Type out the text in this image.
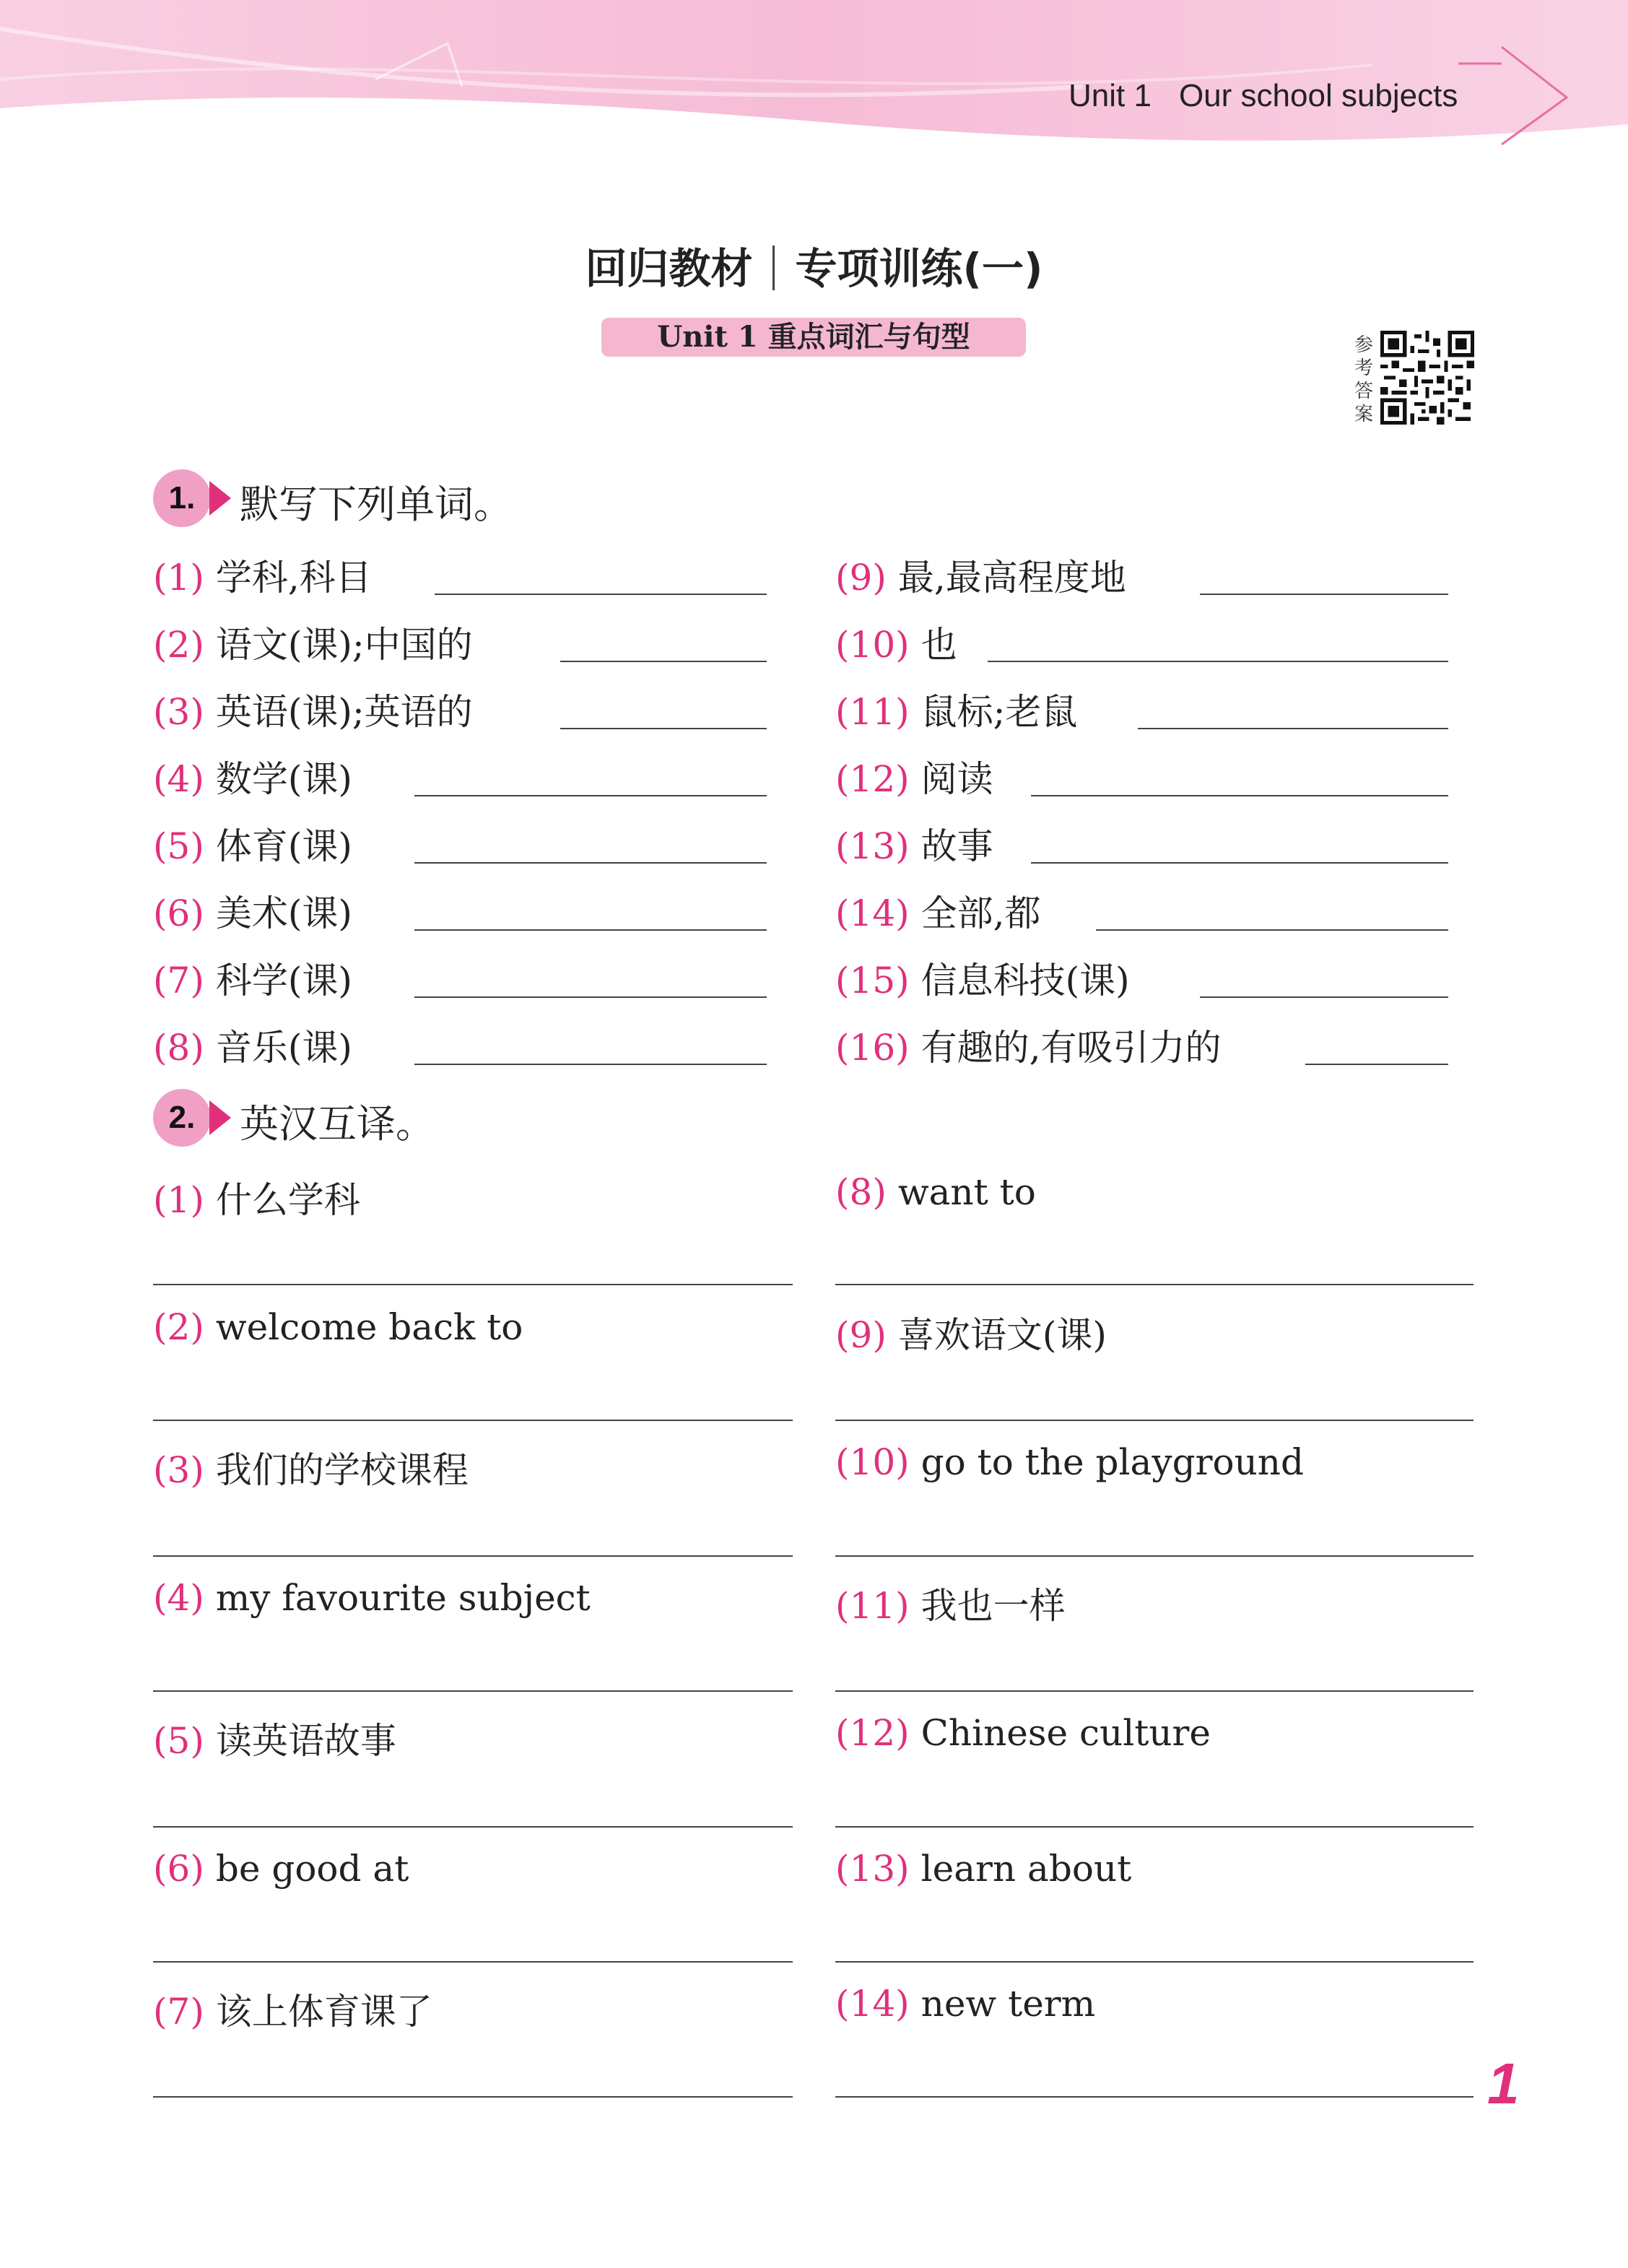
Unit 1 Our school subjects
回归教材 专项训练(一)
Unit 1 重点词汇与句型	参
考
答
案
1.	默写下列单词。
(1) 学科,科目
(2) 语文(课);中国的
(3) 英语(课);英语的
(4) 数学(课)
(5) 体育(课)
(6) 美术(课)
(7) 科学(课)
(8) 音乐(课)
(9) 最,最高程度地
(10) 也
(11) 鼠标;老鼠
(12) 阅读
(13) 故事
(14) 全部,都
(15) 信息科技(课)
(16) 有趣的,有吸引力的
2.	英汉互译。
(1) 什么学科
(2) welcome back to
(3) 我们的学校课程
(4) my favourite subject
(5) 读英语故事
(6) be good at
(7) 该上体育课了
(8) want to
(9) 喜欢语文(课)
(10) go to the playground
(11) 我也一样
(12) Chinese culture
(13) learn about
(14) new term
1
